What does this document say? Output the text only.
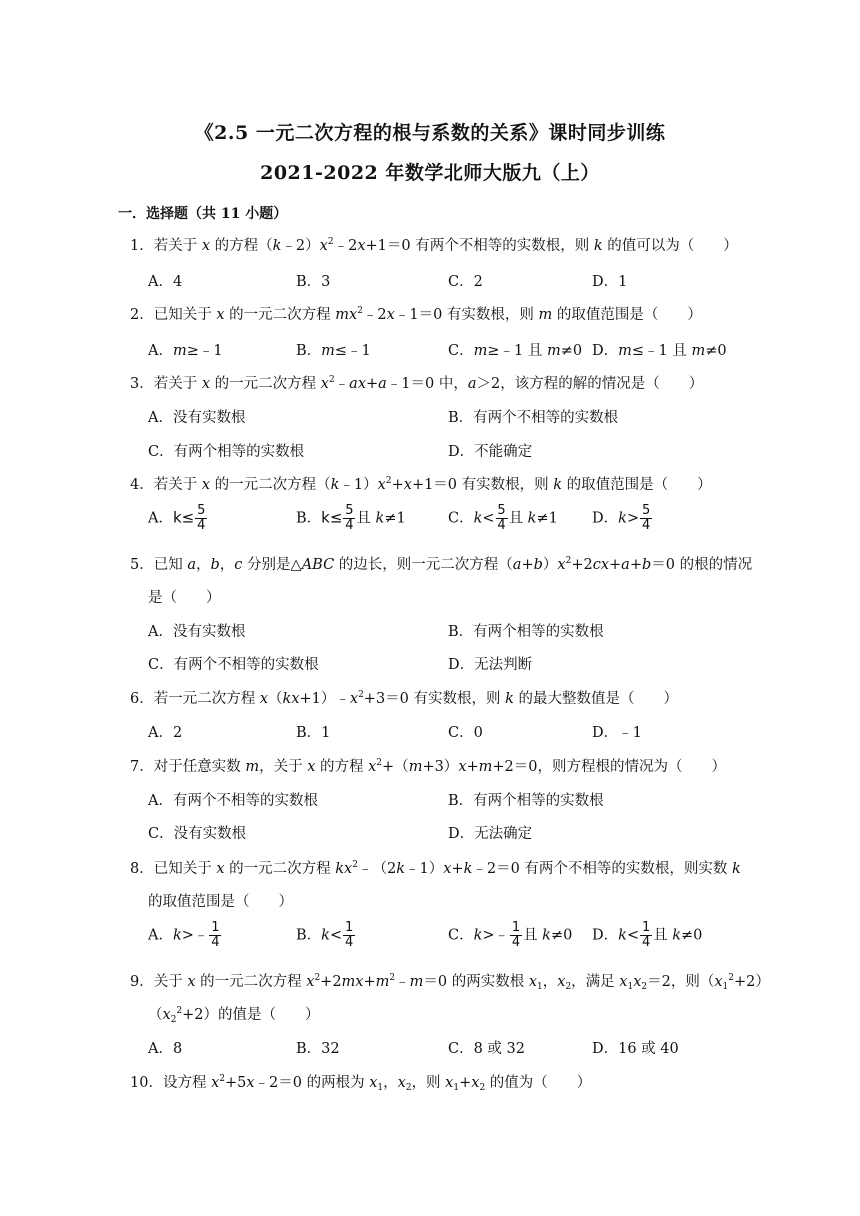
《2.5 一元二次方程的根与系数的关系》课时同步训练
2021-2022 年数学北师大版九（上）
一．选择题（共 11 小题）
1．若关于 x 的方程$(k﹣2)x^2﹣2x+1=0$ 有两个不相等的实数根，则 k 的值可以为（　　）
A．4	B．3	C．2	D．1
2．已知关于 x 的一元二次方程 $mx^2﹣2x﹣1=0$ 有实数根，则 m 的取值范围是（　　）
A．m≥﹣1	B．m≤﹣1	C．m≥﹣1 且 m≠0 D．m≤﹣1 且 m≠0
3．若关于 x 的一元二次方程 $x^2﹣ax+a﹣1=0$ 中，a＞2，该方程的解的情况是（　　）
A．没有实数根	B．有两个不相等的实数根
C．有两个相等的实数根	D．不能确定
4．若关于 x 的一元二次方程$(k﹣1)x^2+x+1=0$ 有实数根，则 k 的取值范围是（　　）
A．$k\le \frac{5}{4}$	B．$k\le \frac{5}{4}$ 且 k≠1	C．$k< \frac{5}{4}$ 且 k≠1 D．$k> \frac{5}{4}$
5．已知 a，b，c 分别是△ABC 的边长，则一元二次方程$(a+b)x^2+2cx+a+b=0$ 的根的情况
是（　　）
A．没有实数根	B．有两个相等的实数根
C．有两个不相等的实数根	D．无法判断
6．若一元二次方程 $x(kx+1)﹣x^2+3=0$ 有实数根，则 k 的最大整数值是（　　）
A．2	B．1	C．0	D．﹣1
7．对于任意实数 m，关于 x 的方程 $x^2+(m+3)x+m+2=0$，则方程根的情况为（　　）
A．有两个不相等的实数根	B．有两个相等的实数根
C．没有实数根	D．无法确定
8．已知关于 x 的一元二次方程 $kx^2﹣(2k﹣1)x+k﹣2=0$ 有两个不相等的实数根，则实数 k
的取值范围是（　　）
A．k>﹣ $\frac{1}{4}$	B．$k< \frac{1}{4}$	C．k>﹣ $\frac{1}{4}$ 且 k≠0 D．$k< \frac{1}{4}$ 且 k≠0
9．关于 x 的一元二次方程 $x^2+2mx+m^2﹣m=0$ 的两实数根 $x_1$，$x_2$，满足 $x_1x_2=2$，则$(x_1^2+2)$
$(x_2^2+2)$的值是（　　）
A．8	B．32	C．8 或 32	D．16 或 40
10．设方程 $x^2+5x﹣2=0$ 的两根为 $x_1$，$x_2$，则 $x_1+x_2$ 的值为（　　）
